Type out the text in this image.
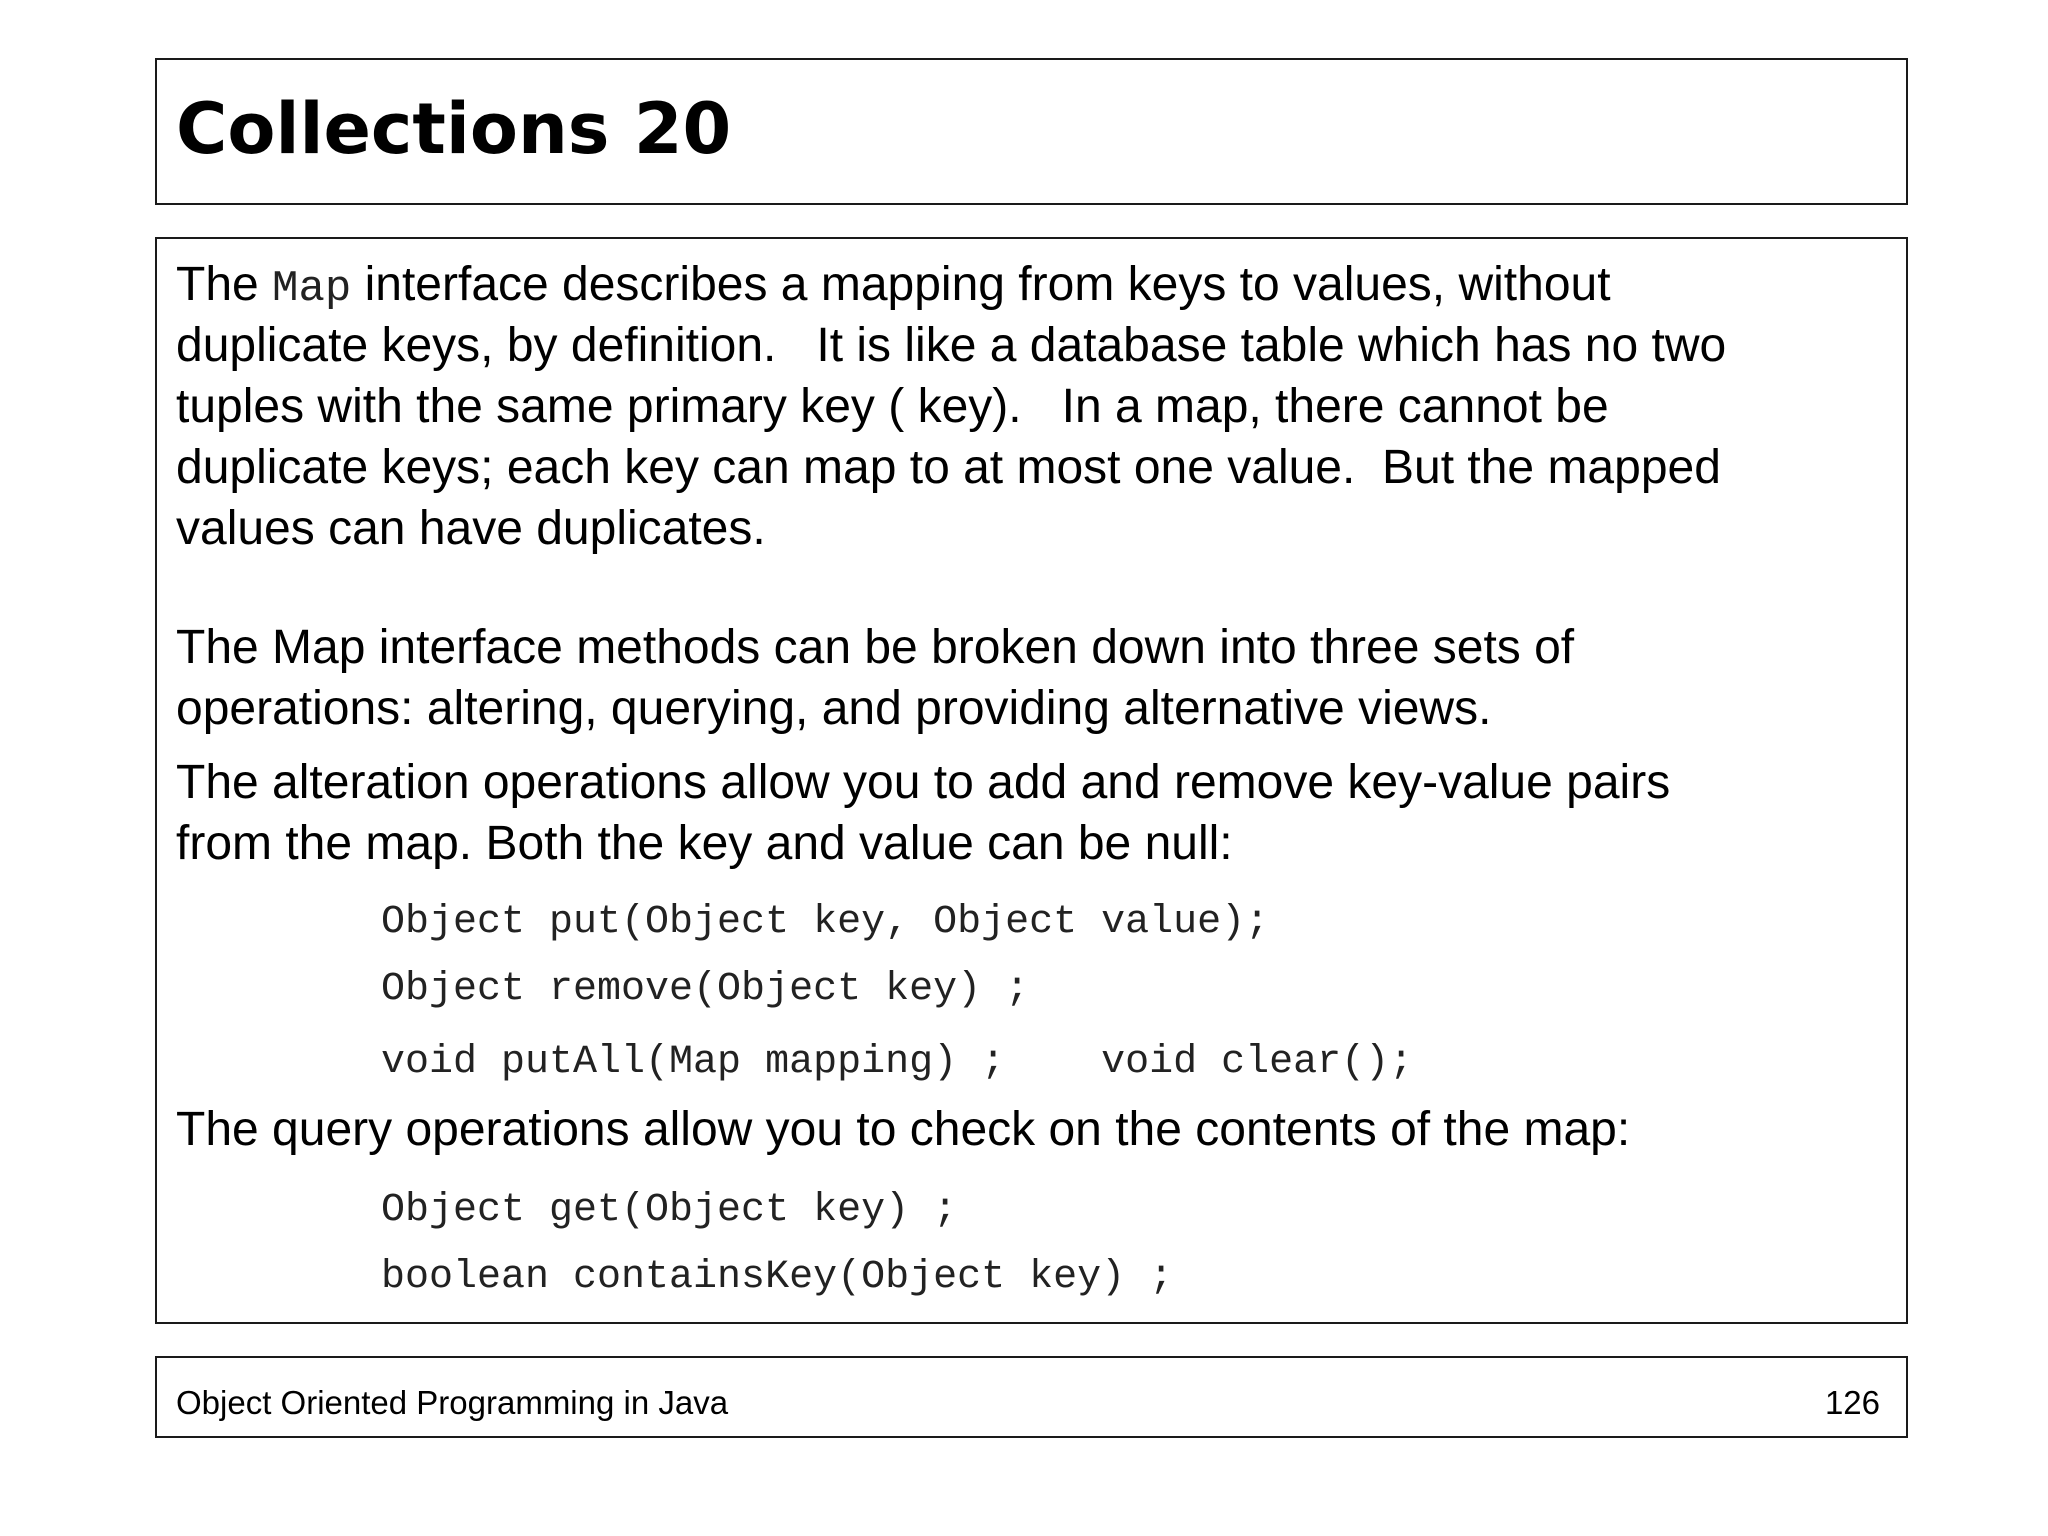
Collections 20
The Map interface describes a mapping from keys to values, without
duplicate keys, by definition.   It is like a database table which has no two
tuples with the same primary key ( key).   In a map, there cannot be
duplicate keys; each key can map to at most one value.  But the mapped
values can have duplicates.
The Map interface methods can be broken down into three sets of
operations: altering, querying, and providing alternative views.
The alteration operations allow you to add and remove key-value pairs
from the map. Both the key and value can be null:
Object put(Object key, Object value);
Object remove(Object key) ;
void putAll(Map mapping) ;    void clear();
The query operations allow you to check on the contents of the map:
Object get(Object key) ;
boolean containsKey(Object key) ;
Object Oriented Programming in Java	126
